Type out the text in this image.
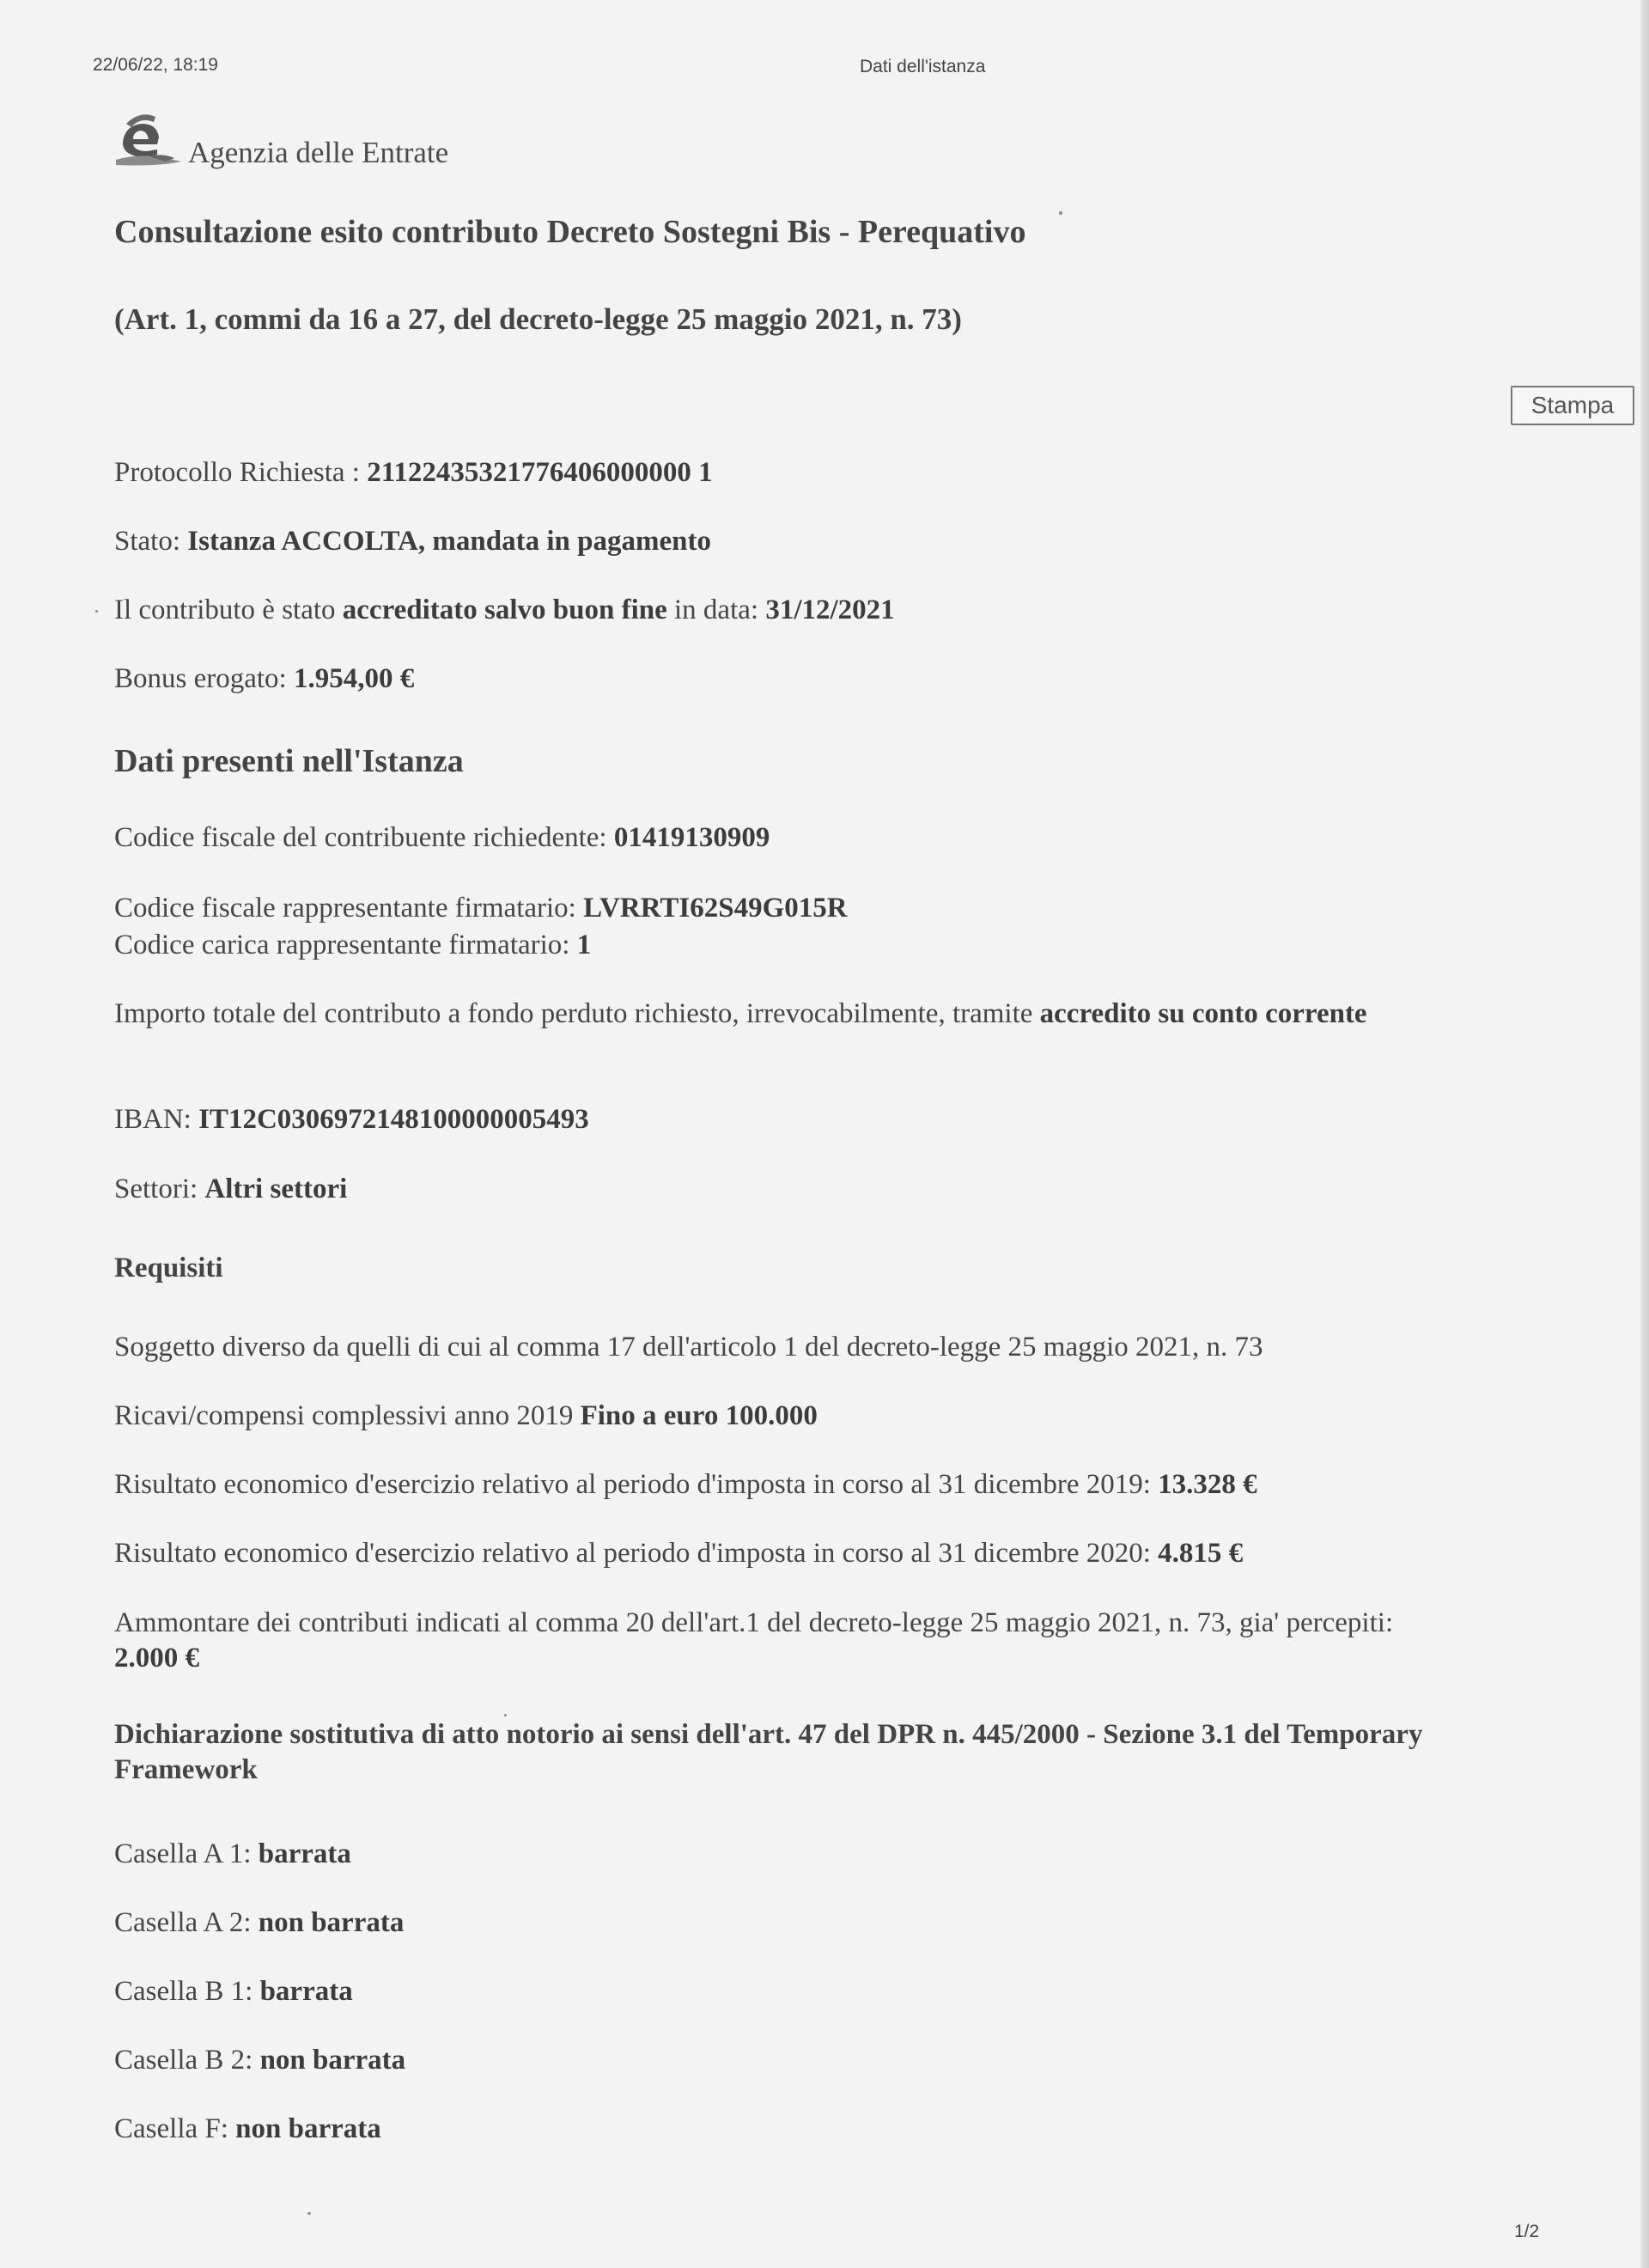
22/06/22, 18:19	Dati dell'istanza
Agenzia delle Entrate
Consultazione esito contributo Decreto Sostegni Bis - Perequativo
(Art. 1, commi da 16 a 27, del decreto-legge 25 maggio 2021, n. 73)
Stampa
Protocollo Richiesta : 21122435321776406000000 1
Stato: Istanza ACCOLTA, mandata in pagamento
Il contributo è stato accreditato salvo buon fine in data: 31/12/2021
Bonus erogato: 1.954,00 €
Dati presenti nell'Istanza
Codice fiscale del contribuente richiedente: 01419130909
Codice fiscale rappresentante firmatario: LVRRTI62S49G015R
Codice carica rappresentante firmatario: 1
Importo totale del contributo a fondo perduto richiesto, irrevocabilmente, tramite accredito su conto corrente
IBAN: IT12C0306972148100000005493
Settori: Altri settori
Requisiti
Soggetto diverso da quelli di cui al comma 17 dell'articolo 1 del decreto-legge 25 maggio 2021, n. 73
Ricavi/compensi complessivi anno 2019 Fino a euro 100.000
Risultato economico d'esercizio relativo al periodo d'imposta in corso al 31 dicembre 2019: 13.328 €
Risultato economico d'esercizio relativo al periodo d'imposta in corso al 31 dicembre 2020: 4.815 €
Ammontare dei contributi indicati al comma 20 dell'art.1 del decreto-legge 25 maggio 2021, n. 73, gia' percepiti: 2.000 €
Dichiarazione sostitutiva di atto notorio ai sensi dell'art. 47 del DPR n. 445/2000 - Sezione 3.1 del Temporary Framework
Casella A 1: barrata
Casella A 2: non barrata
Casella B 1: barrata
Casella B 2: non barrata
Casella F: non barrata
1/2
